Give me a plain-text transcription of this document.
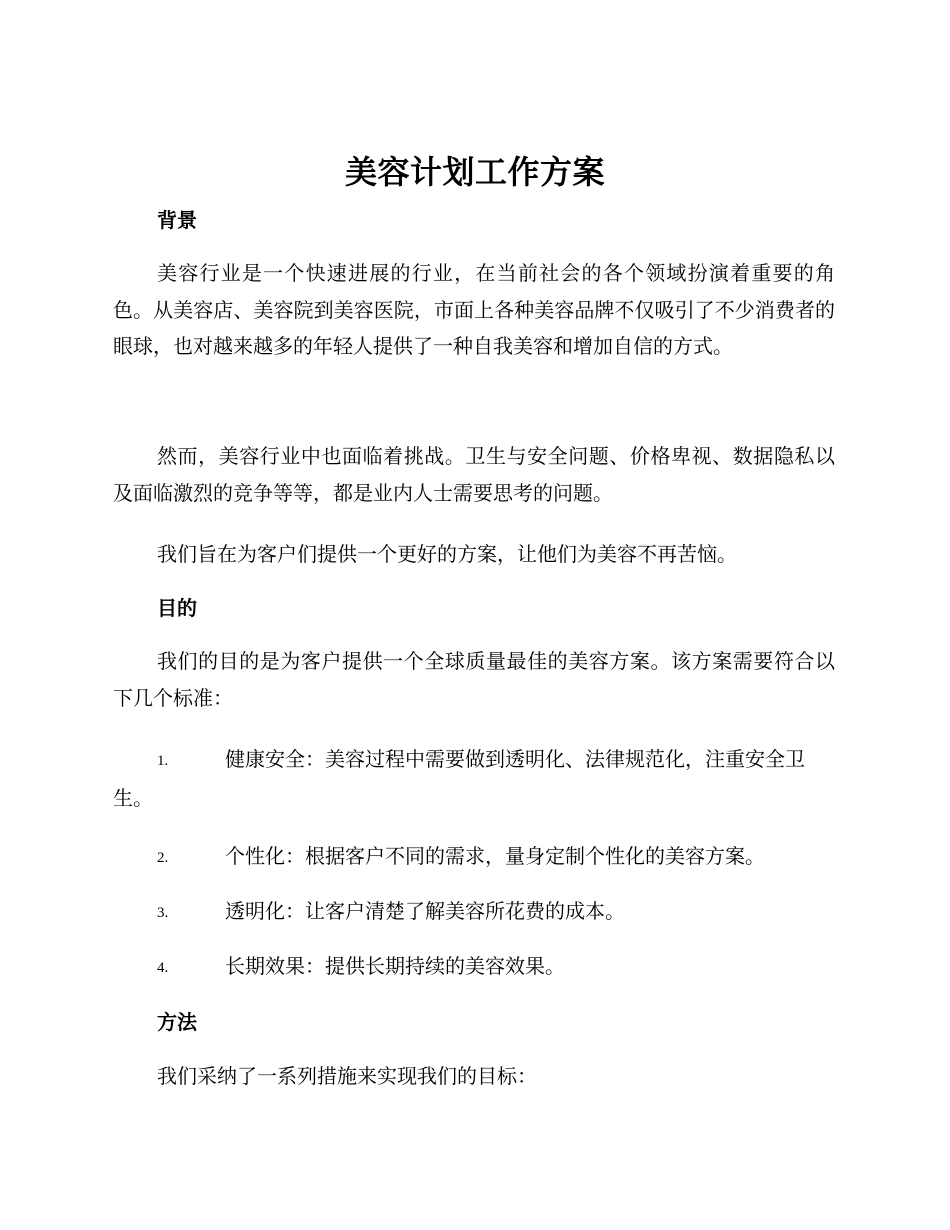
美容计划工作方案
背景

美容行业是一个快速进展的行业，在当前社会的各个领域扮演着重要的角色。从美容店、美容院到美容医院，市面上各种美容品牌不仅吸引了不少消费者的眼球，也对越来越多的年轻人提供了一种自我美容和增加自信的方式。

然而，美容行业中也面临着挑战。卫生与安全问题、价格卑视、数据隐私以及面临激烈的竞争等等，都是业内人士需要思考的问题。

我们旨在为客户们提供一个更好的方案，让他们为美容不再苦恼。

目的

我们的目的是为客户提供一个全球质量最佳的美容方案。该方案需要符合以下几个标准：

1.	健康安全：美容过程中需要做到透明化、法律规范化，注重安全卫生。

2.	个性化：根据客户不同的需求，量身定制个性化的美容方案。

3.	透明化：让客户清楚了解美容所花费的成本。

4.	长期效果：提供长期持续的美容效果。

方法

我们采纳了一系列措施来实现我们的目标：
